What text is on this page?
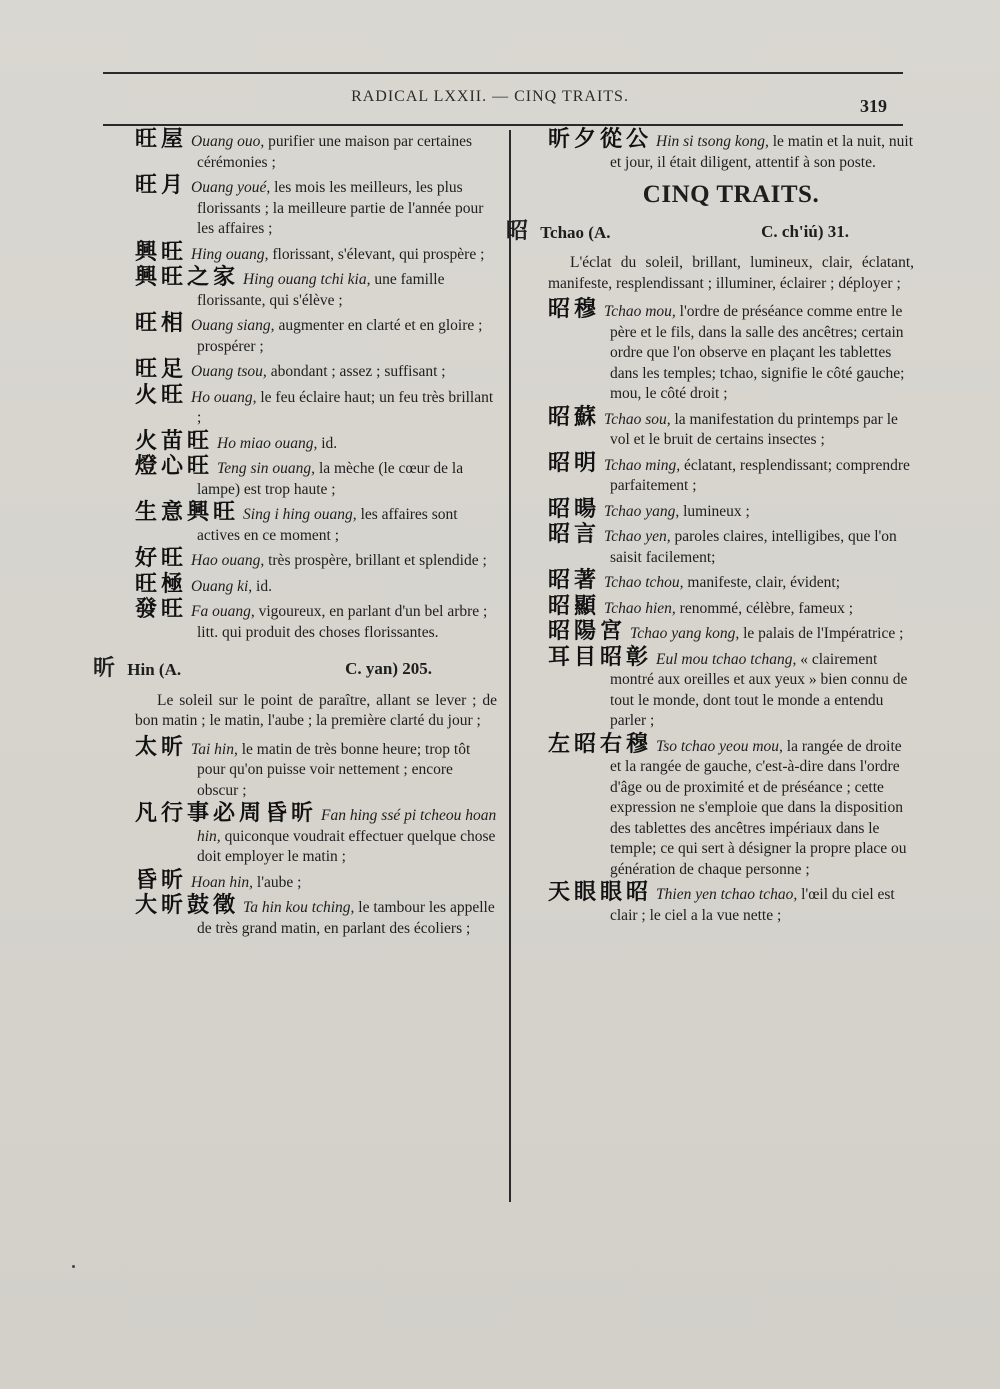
RADICAL LXXII. — CINQ TRAITS.	319

旺屋 Ouang ouo, purifier une maison par certaines cérémonies ;

旺月 Ouang youé, les mois les meilleurs, les plus florissants ; la meilleure partie de l'année pour les affaires ;

興旺 Hing ouang, florissant, s'élevant, qui prospère ;

興旺之家 Hing ouang tchi kia, une famille florissante, qui s'élève ;

旺相 Ouang siang, augmenter en clarté et en gloire ; prospérer ;

旺足 Ouang tsou, abondant ; assez ; suffisant ;

火旺 Ho ouang, le feu éclaire haut; un feu très brillant ;

火苗旺 Ho miao ouang, id.

燈心旺 Teng sin ouang, la mèche (le cœur de la lampe) est trop haute ;

生意興旺 Sing i hing ouang, les affaires sont actives en ce moment ;

好旺 Hao ouang, très prospère, brillant et splendide ;

旺極 Ouang ki, id.

發旺 Fa ouang, vigoureux, en parlant d'un bel arbre ; litt. qui produit des choses florissantes.

昕 Hin (A.	C. yan) 205.
Le soleil sur le point de paraître, allant se lever ; de bon matin ; le matin, l'aube ; la première clarté du jour ;

太昕 Tai hin, le matin de très bonne heure; trop tôt pour qu'on puisse voir nettement ; encore obscur ;

凡行事必周昏昕 Fan hing ssé pi tcheou hoan hin, quiconque voudrait effectuer quelque chose doit employer le matin ;

昏昕 Hoan hin, l'aube ;

大昕鼓徵 Ta hin kou tching, le tambour les appelle de très grand matin, en parlant des écoliers ;

昕夕從公 Hin si tsong kong, le matin et la nuit, nuit et jour, il était diligent, attentif à son poste.

CINQ TRAITS.
昭 Tchao (A.	C. ch'iú) 31.
L'éclat du soleil, brillant, lumineux, clair, éclatant, manifeste, resplendissant ; illuminer, éclairer ; déployer ;

昭穆 Tchao mou, l'ordre de préséance comme entre le père et le fils, dans la salle des ancêtres; certain ordre que l'on observe en plaçant les tablettes dans les temples; tchao, signifie le côté gauche; mou, le côté droit ;

昭蘇 Tchao sou, la manifestation du printemps par le vol et le bruit de certains insectes ;

昭明 Tchao ming, éclatant, resplendissant; comprendre parfaitement ;

昭暘 Tchao yang, lumineux ;

昭言 Tchao yen, paroles claires, intelligibes, que l'on saisit facilement;

昭著 Tchao tchou, manifeste, clair, évident;

昭顯 Tchao hien, renommé, célèbre, fameux ;

昭陽宮 Tchao yang kong, le palais de l'Impératrice ;

耳目昭彰 Eul mou tchao tchang, « clairement montré aux oreilles et aux yeux » bien connu de tout le monde, dont tout le monde a entendu parler ;

左昭右穆 Tso tchao yeou mou, la rangée de droite et la rangée de gauche, c'est-à-dire dans l'ordre d'âge ou de proximité et de préséance ; cette expression ne s'emploie que dans la disposition des tablettes des ancêtres impériaux dans le temple; ce qui sert à désigner la propre place ou génération de chaque personne ;

天眼眼昭 Thien yen tchao tchao, l'œil du ciel est clair ; le ciel a la vue nette ;
